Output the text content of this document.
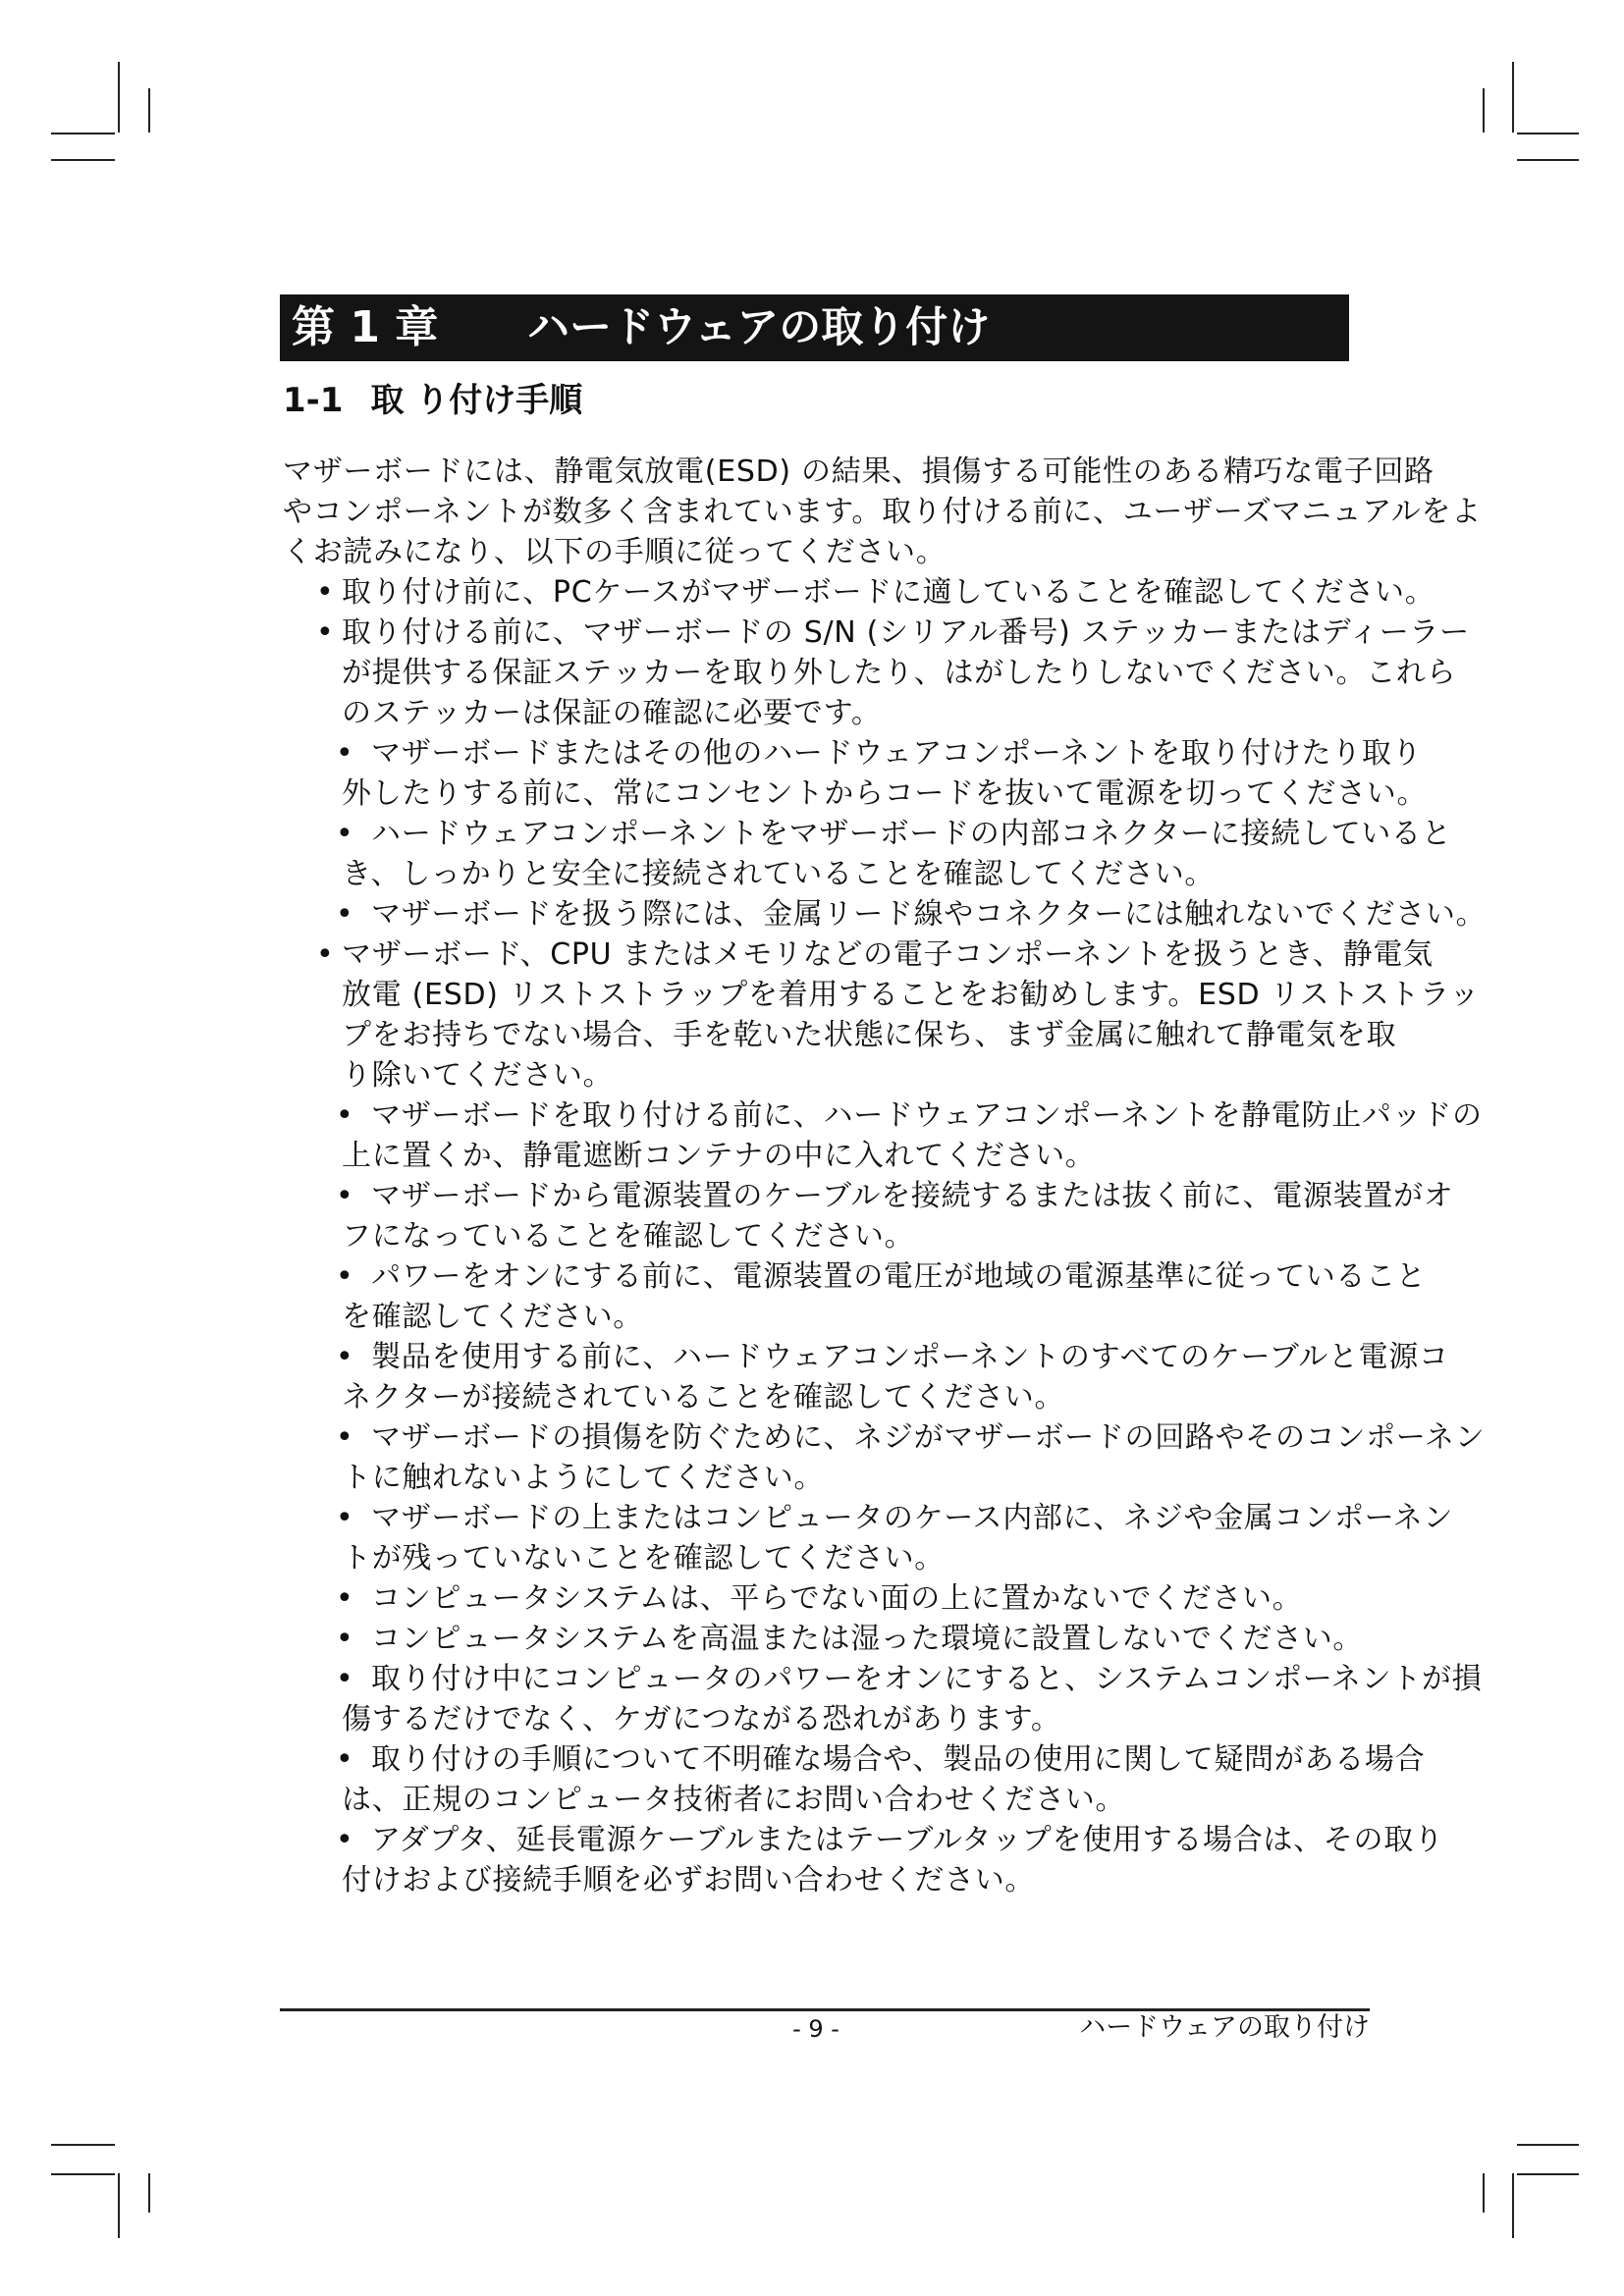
第 1 章 ハードウェアの取り付け
1-1 取 り付け手順
マザーボードには、静電気放電(ESD) の結果、損傷する可能性のある精巧な電子回路
やコンポーネントが数多く含まれています。取り付ける前に、ユーザーズマニュアルをよ
くお読みになり、以下の手順に従ってください。
• 取り付け前に、PCケースがマザーボードに適していることを確認してください。
• 取り付ける前に、マザーボードの S/N (シリアル番号) ステッカーまたはディーラー
が提供する保証ステッカーを取り外したり、はがしたりしないでください。これら
のステッカーは保証の確認に必要です。
• マザーボードまたはその他のハードウェアコンポーネントを取り付けたり取り
外したりする前に、常にコンセントからコードを抜いて電源を切ってください。
• ハードウェアコンポーネントをマザーボードの内部コネクターに接続していると
き、しっかりと安全に接続されていることを確認してください。
• マザーボードを扱う際には、金属リード線やコネクターには触れないでください。
• マザーボード、CPU またはメモリなどの電子コンポーネントを扱うとき、静電気
放電 (ESD) リストストラップを着用することをお勧めします。ESD リストストラッ
プをお持ちでない場合、手を乾いた状態に保ち、まず金属に触れて静電気を取
り除いてください。
• マザーボードを取り付ける前に、ハードウェアコンポーネントを静電防止パッドの
上に置くか、静電遮断コンテナの中に入れてください。
• マザーボードから電源装置のケーブルを接続するまたは抜く前に、電源装置がオ
フになっていることを確認してください。
• パワーをオンにする前に、電源装置の電圧が地域の電源基準に従っていること
を確認してください。
• 製品を使用する前に、ハードウェアコンポーネントのすべてのケーブルと電源コ
ネクターが接続されていることを確認してください。
• マザーボードの損傷を防ぐために、ネジがマザーボードの回路やそのコンポーネン
トに触れないようにしてください。
• マザーボードの上またはコンピュータのケース内部に、ネジや金属コンポーネン
トが残っていないことを確認してください。
• コンピュータシステムは、平らでない面の上に置かないでください。
• コンピュータシステムを高温または湿った環境に設置しないでください。
• 取り付け中にコンピュータのパワーをオンにすると、システムコンポーネントが損
傷するだけでなく、ケガにつながる恐れがあります。
• 取り付けの手順について不明確な場合や、製品の使用に関して疑問がある場合
は、正規のコンピュータ技術者にお問い合わせください。
• アダプタ、延長電源ケーブルまたはテーブルタップを使用する場合は、その取り
付けおよび接続手順を必ずお問い合わせください。
- 9 -	ハードウェアの取り付け
